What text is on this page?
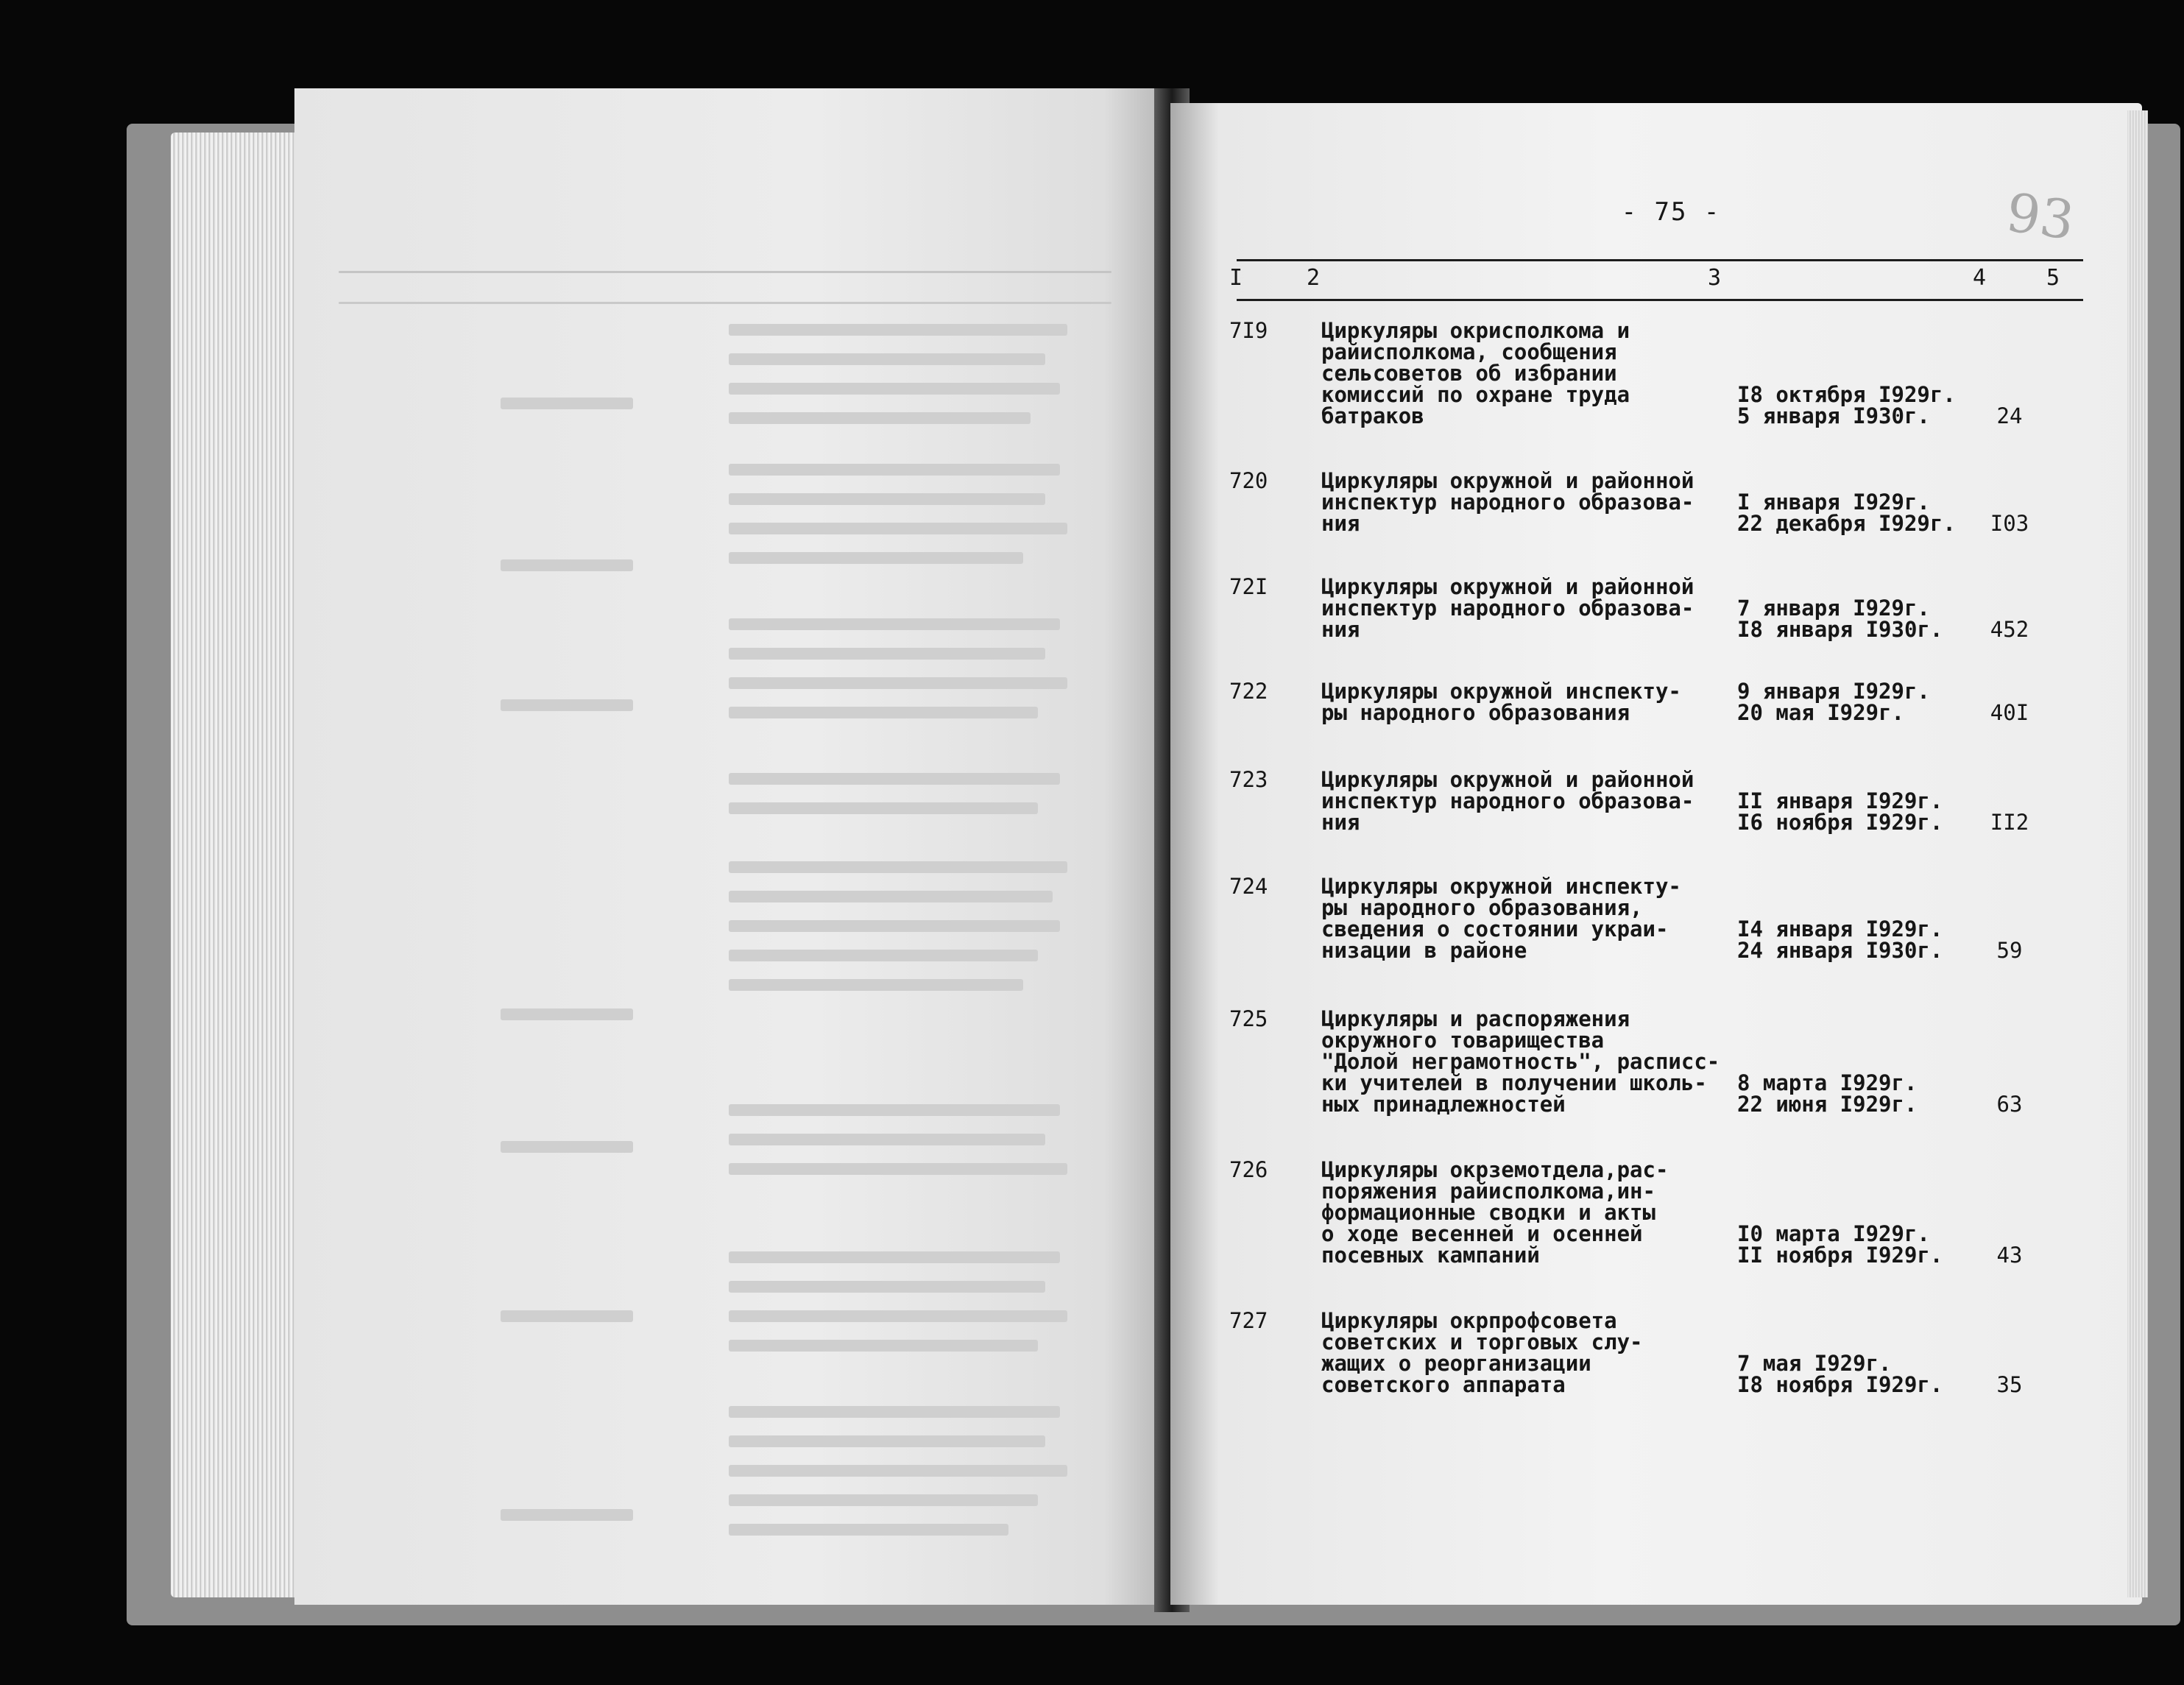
93
- 75 -
I	2	3	4	5
7I9	Циркуляры окрисполкома и
райисполкома, сообщения
сельсоветов об избрании
комиссий по охране труда
батраков
I8 октября I929г.
5 января I930г.	24
720	Циркуляры окружной и районной
инспектур народного образова-
ния
I января I929г.
22 декабря I929г.	I03
72I	Циркуляры окружной и районной
инспектур народного образова-
ния
7 января I929г.
I8 января I930г.	452
722	Циркуляры окружной инспекту-
ры народного образования
9 января I929г.
20 мая I929г.	40I
723	Циркуляры окружной и районной
инспектур народного образова-
ния
II января I929г.
I6 ноября I929г.	II2
724	Циркуляры окружной инспекту-
ры народного образования,
сведения о состоянии украи-
низации в районе
I4 января I929г.
24 января I930г.	59
725	Циркуляры и распоряжения
окружного товарищества
"Долой неграмотность", расписс-
ки учителей в получении школь-
ных принадлежностей
8 марта I929г.
22 июня I929г.	63
726	Циркуляры окрземотдела,рас-
поряжения райисполкома,ин-
формационные сводки и акты
о ходе весенней и осенней
посевных кампаний
I0 марта I929г.
II ноября I929г.	43
727	Циркуляры окрпрофсовета
советских и торговых слу-
жащих о реорганизации
советского аппарата
7 мая I929г.
I8 ноября I929г.	35
